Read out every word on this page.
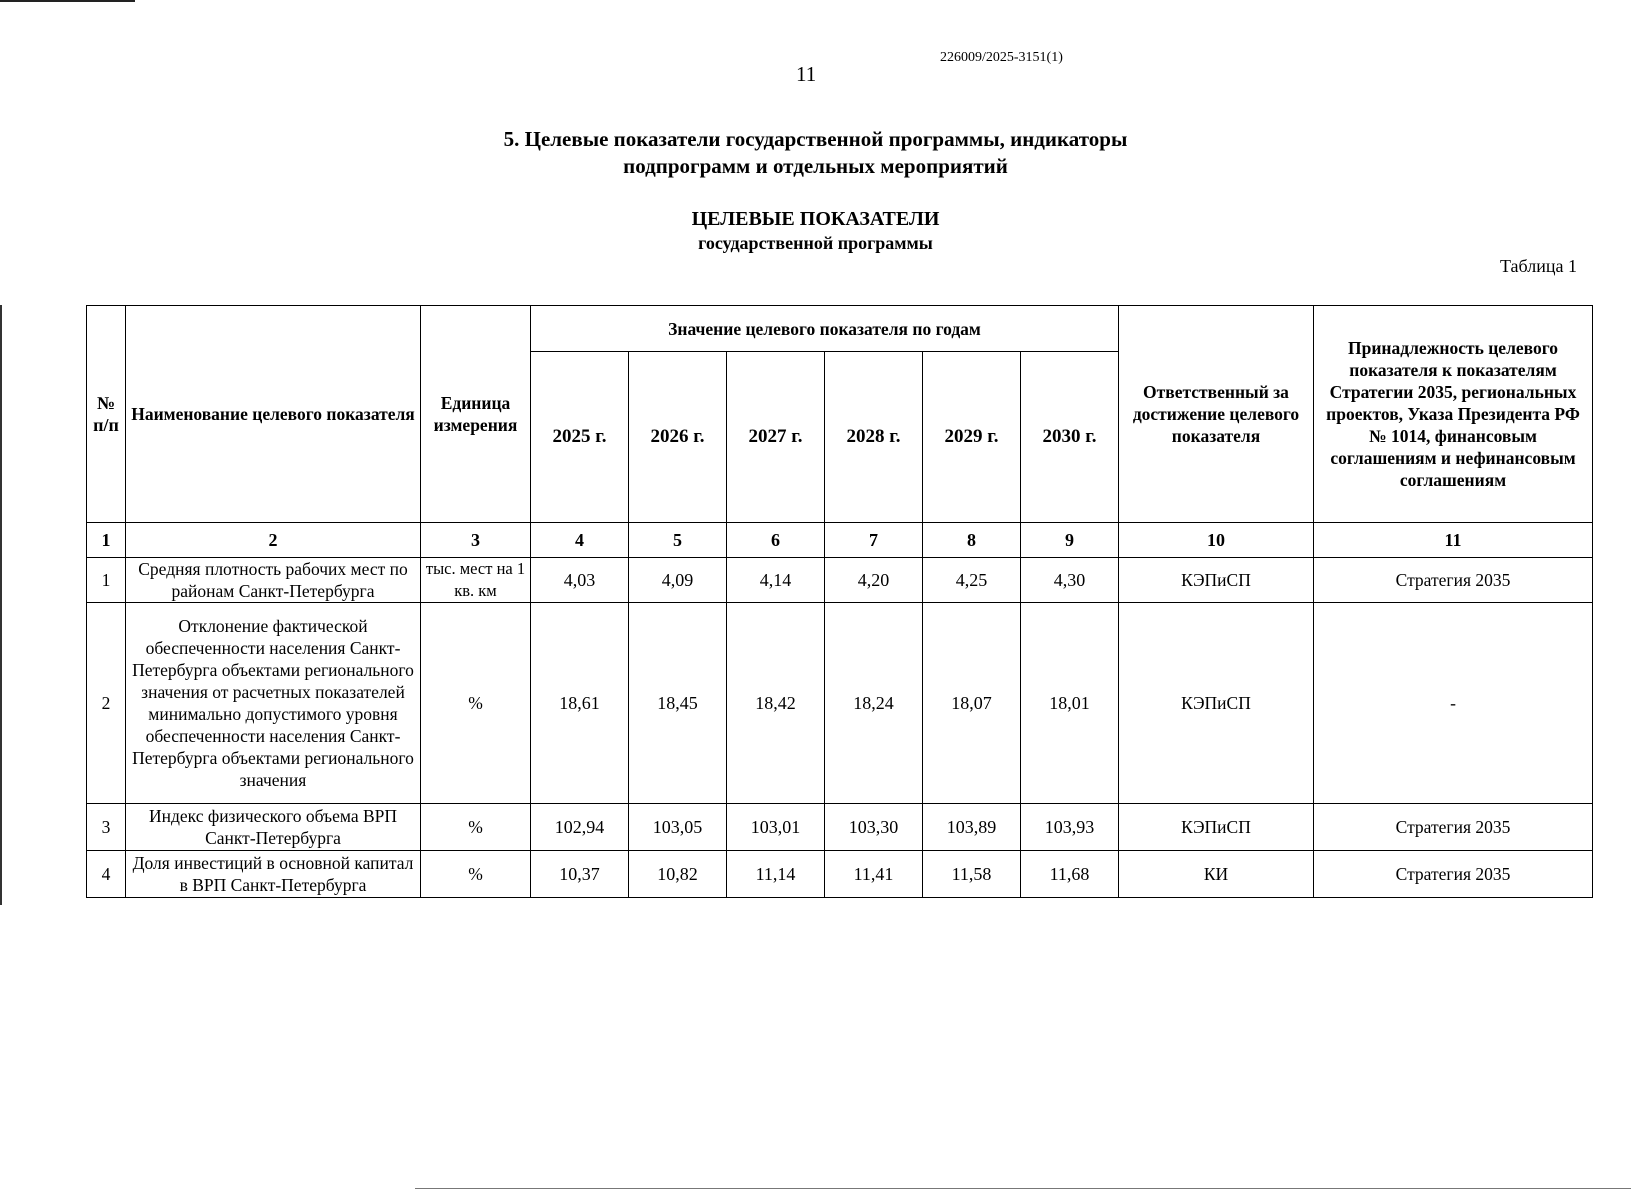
226009/2025-3151(1)
11
5. Целевые показатели государственной программы, индикаторы
подпрограмм и отдельных мероприятий
ЦЕЛЕВЫЕ ПОКАЗАТЕЛИ
государственной программы
Таблица 1
№ п/п	Наименование целевого показателя	Единица измерения	Значение целевого показателя по годам						Ответственный за достижение целевого показателя	Принадлежность целевого показателя к показателям Стратегии 2035, региональных проектов, Указа Президента РФ № 1014, финансовым соглашениям и нефинансовым соглашениям
			2025 г.	2026 г.	2027 г.	2028 г.	2029 г.	2030 г.		
1	2	3	4	5	6	7	8	9	10	11
1	Средняя плотность рабочих мест по районам Санкт-Петербурга	тыс. мест на 1 кв. км	4,03	4,09	4,14	4,20	4,25	4,30	КЭПиСП	Стратегия 2035
2	Отклонение фактической обеспеченности населения Санкт-Петербурга объектами регионального значения от расчетных показателей минимально допустимого уровня обеспеченности населения Санкт-Петербурга объектами регионального значения	%	18,61	18,45	18,42	18,24	18,07	18,01	КЭПиСП	-
3	Индекс физического объема ВРП Санкт-Петербурга	%	102,94	103,05	103,01	103,30	103,89	103,93	КЭПиСП	Стратегия 2035
4	Доля инвестиций в основной капитал в ВРП Санкт-Петербурга	%	10,37	10,82	11,14	11,41	11,58	11,68	КИ	Стратегия 2035
